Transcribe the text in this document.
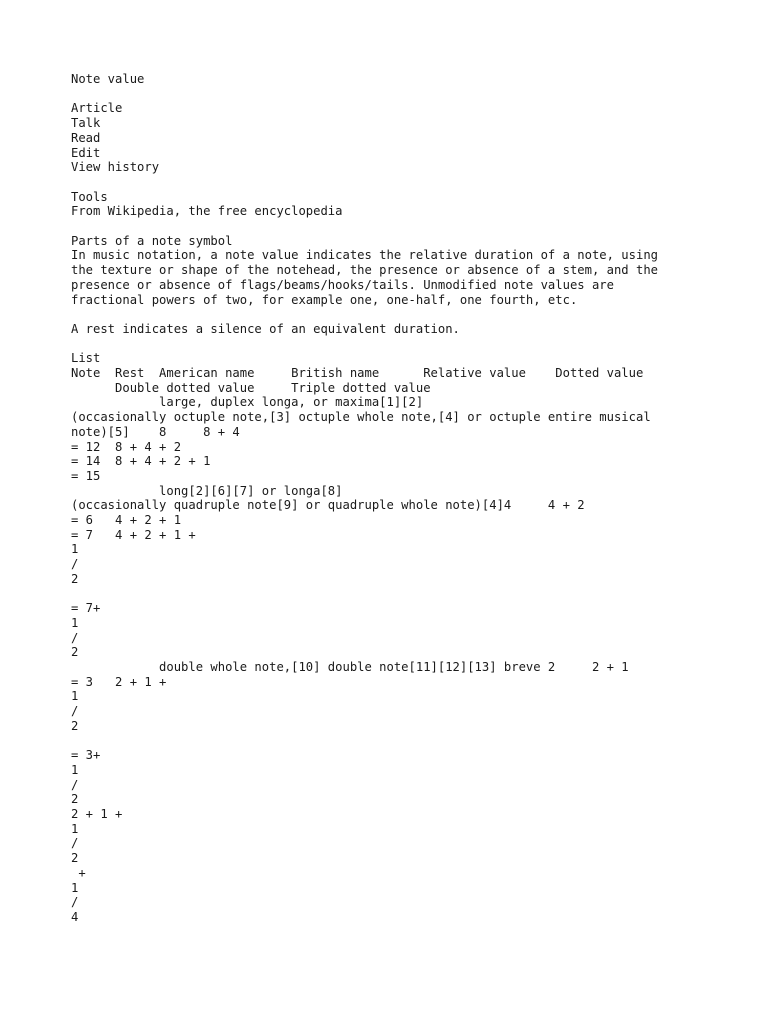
Note value
Article
Talk
Read
Edit
View history
Tools
From Wikipedia, the free encyclopedia
Parts of a note symbol
In music notation, a note value indicates the relative duration of a note, using
the texture or shape of the notehead, the presence or absence of a stem, and the
presence or absence of flags/beams/hooks/tails. Unmodified note values are
fractional powers of two, for example one, one-half, one fourth, etc.
A rest indicates a silence of an equivalent duration.
List
Note  Rest  American name     British name      Relative value    Dotted value
Double dotted value     Triple dotted value
large, duplex longa, or maxima[1][2]
(occasionally octuple note,[3] octuple whole note,[4] or octuple entire musical
note)[5]    8     8 + 4
= 12  8 + 4 + 2
= 14  8 + 4 + 2 + 1
= 15
long[2][6][7] or longa[8]
(occasionally quadruple note[9] or quadruple whole note)[4]4     4 + 2
= 6   4 + 2 + 1
= 7   4 + 2 + 1 +
1
/
2
= 7+
1
/
2
double whole note,[10] double note[11][12][13] breve 2     2 + 1
= 3   2 + 1 +
1
/
2
= 3+
1
/
2
2 + 1 +
1
/
2
+
1
/
4
